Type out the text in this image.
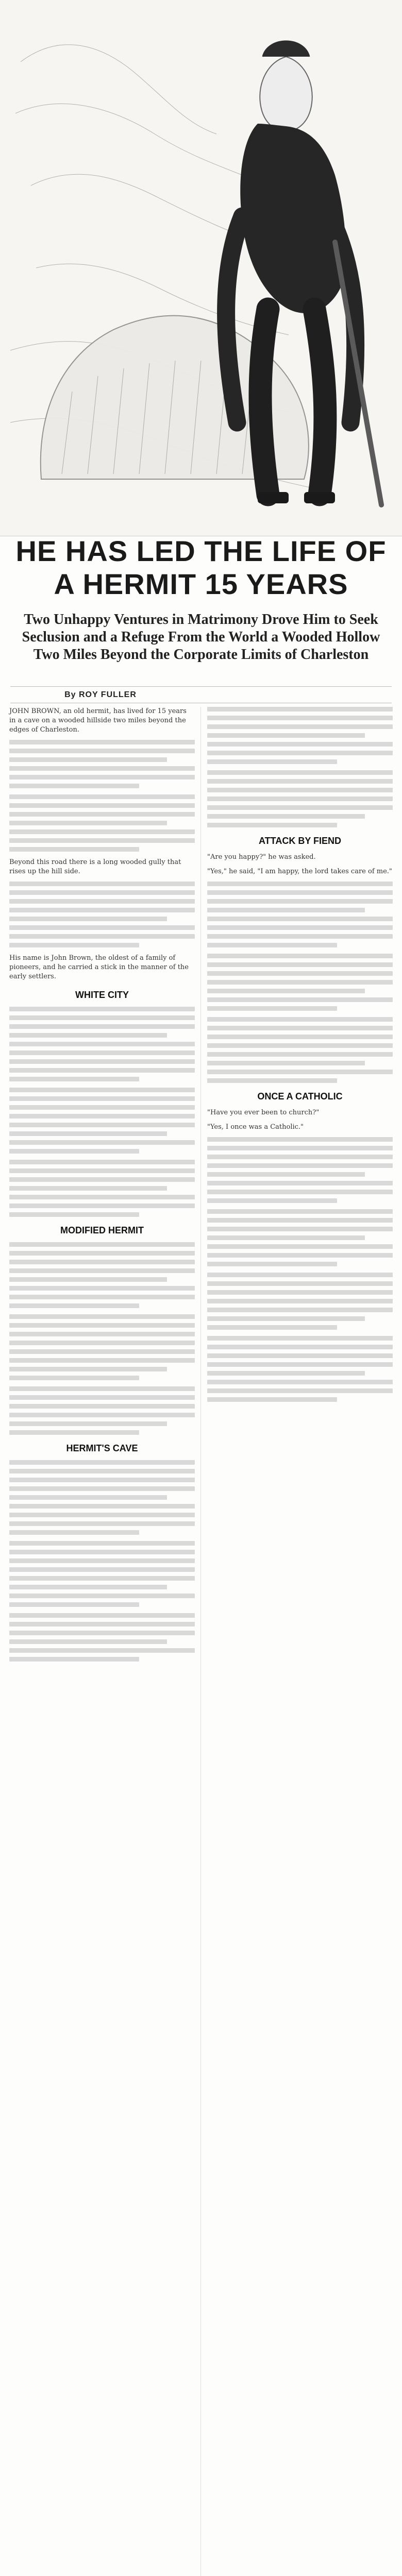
HE HAS LED THE LIFE OF A HERMIT 15 YEARS
Two Unhappy Ventures in Matrimony Drove Him to Seek Seclusion and a Refuge From the World a Wooded Hollow Two Miles Beyond the Corporate Limits of Charleston
By ROY FULLER

JOHN BROWN, an old hermit, has lived for 15 years in a cave on a wooded hillside two miles beyond the edges of Charleston.

Beyond this road there is a long wooded gully that rises up the hill side.

His name is John Brown, the oldest of a family of pioneers, and he carried a stick in the manner of the early settlers.

WHITE CITY
MODIFIED HERMIT
HERMIT'S CAVE
ATTACK BY FIEND

"Are you happy?" he was asked.

"Yes," he said, "I am happy, the lord takes care of me."

ONCE A CATHOLIC

"Have you ever been to church?"

"Yes, I once was a Catholic."
